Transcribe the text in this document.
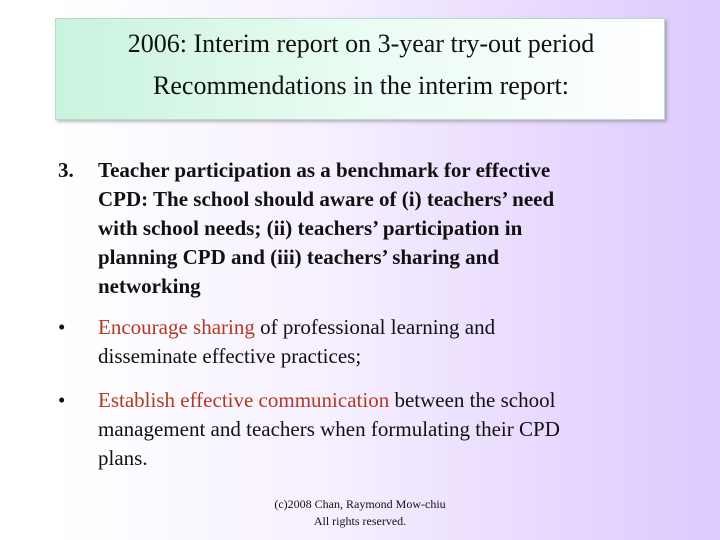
2006: Interim report on 3-year try-out period
Recommendations in the interim report:
3. Teacher participation as a benchmark for effective
CPD: The school should aware of (i) teachers’ need
with school needs; (ii) teachers’ participation in
planning CPD and (iii) teachers’ sharing and
networking
• Encourage sharing of professional learning and
disseminate effective practices;
• Establish effective communication between the school
management and teachers when formulating their CPD
plans.
(c)2008 Chan, Raymond Mow-chiu
All rights reserved.
